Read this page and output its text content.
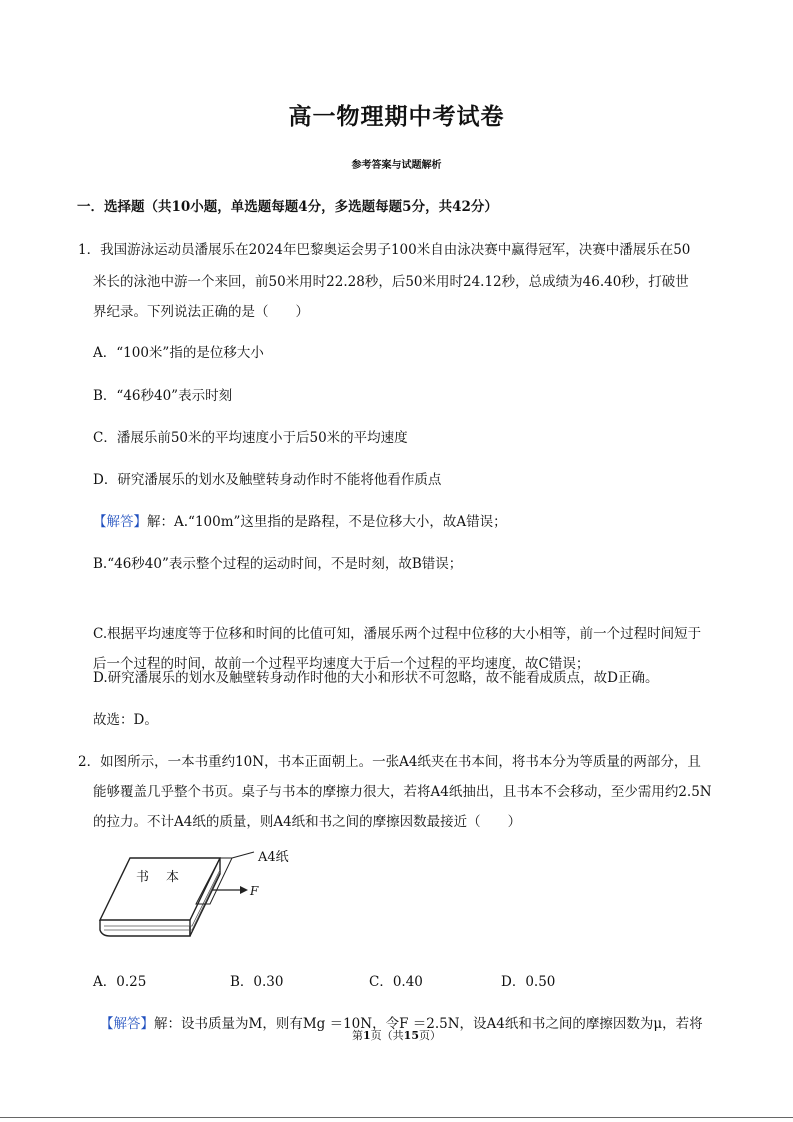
高一物理期中考试卷
参考答案与试题解析
一．选择题（共10小题，单选题每题4分，多选题每题5分，共42分）
1．我国游泳运动员潘展乐在2024年巴黎奥运会男子100米自由泳决赛中赢得冠军，决赛中潘展乐在50
米长的泳池中游一个来回，前50米用时22.28秒，后50米用时24.12秒，总成绩为46.40秒，打破世
界纪录。下列说法正确的是（　　）
A．“100米”指的是位移大小
B．“46秒40”表示时刻
C．潘展乐前50米的平均速度小于后50米的平均速度
D．研究潘展乐的划水及触壁转身动作时不能将他看作质点
【解答】解：A.“100m”这里指的是路程，不是位移大小，故A错误；
B.“46秒40”表示整个过程的运动时间，不是时刻，故B错误；
C.根据平均速度等于位移和时间的比值可知，潘展乐两个过程中位移的大小相等，前一个过程时间短于
后一个过程的时间，故前一个过程平均速度大于后一个过程的平均速度，故C错误；
D.研究潘展乐的划水及触壁转身动作时他的大小和形状不可忽略，故不能看成质点，故D正确。
故选：D。
2．如图所示，一本书重约10N，书本正面朝上。一张A4纸夹在书本间，将书本分为等质量的两部分，且
能够覆盖几乎整个书页。桌子与书本的摩擦力很大，若将A4纸抽出，且书本不会移动，至少需用约2.5N
的拉力。不计A4纸的质量，则A4纸和书之间的摩擦因数最接近（　　）
A4纸
书 本
F
A．0.25	B．0.30	C．0.40	D．0.50
【解答】解：设书质量为M，则有Mg ＝10N，令F ＝2.5N，设A4纸和书之间的摩擦因数为μ，若将
第1页（共15页）
